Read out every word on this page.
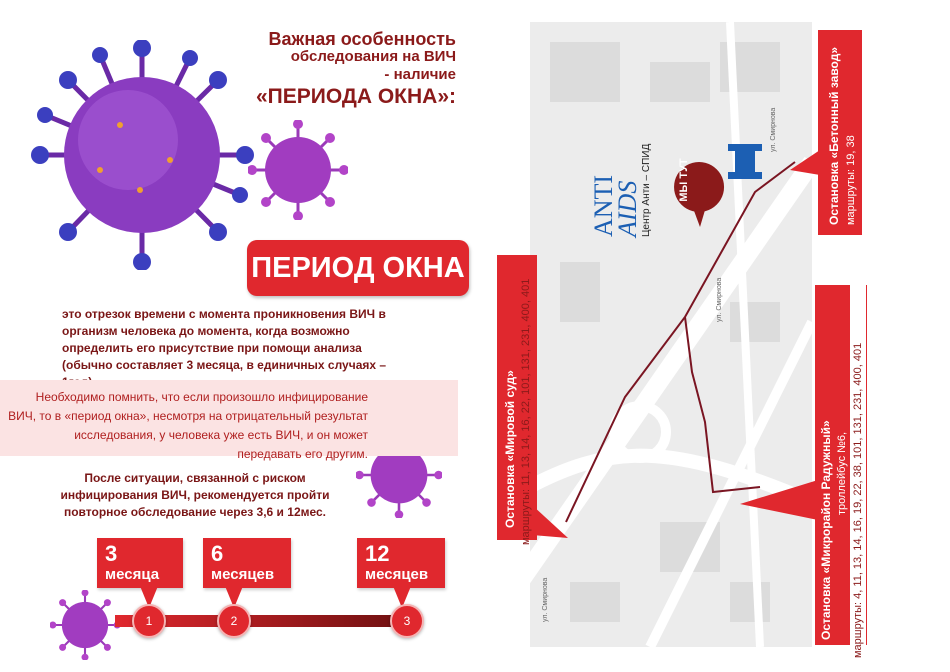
Важная особенность
обследования на ВИЧ
- наличие
«ПЕРИОДА ОКНА»:
ПЕРИОД ОКНА
это отрезок времени с момента проникновения ВИЧ в организм человека до момента, когда возможно определить его присутствие при помощи анализа (обычно составляет 3 месяца, в единичных случаях –

Необходимо помнить, что если произошло инфицирование ВИЧ, то в «период окна», несмотря на отрицательный результат исследования, у человека уже есть ВИЧ, и он может передавать его другим.

После ситуации, связанной с риском инфицирования ВИЧ, рекомендуется пройти повторное обследование через 3,6 и 12мес.
3
месяца
6
месяцев
12
месяцев
1	2	3
МЫ ТУТ
ул. Смирнова
ул. Смирнова
ул. Смирнова
ANTI
AIDS Центр Анти – СПИД
Остановка «Мировой суд» маршруты: 11, 13, 14, 16, 22, 101, 131, 231, 400, 401
Остановка «Бетонный завод» маршруты: 19, 38
Остановка «Микрорайон Радужный» троллейбус №6, маршруты: 4, 11, 13, 14, 16, 19, 22, 38, 101, 131, 231, 400, 401
